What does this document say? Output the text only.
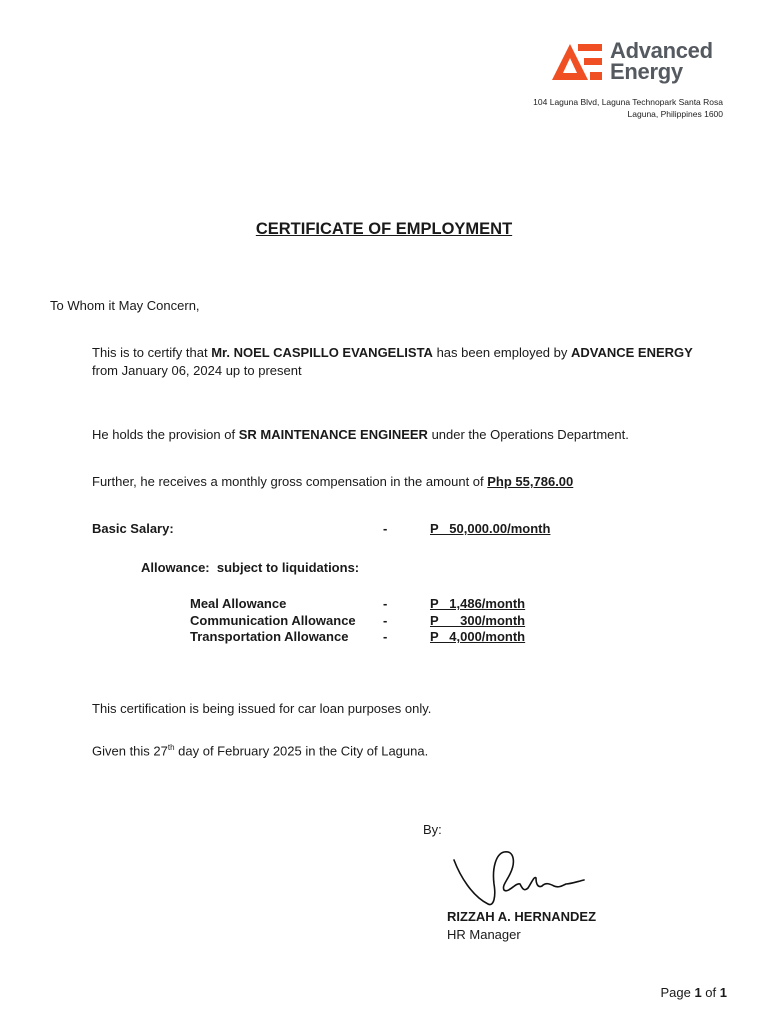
Advanced
Energy
104 Laguna Blvd, Laguna Technopark Santa Rosa
Laguna, Philippines 1600
CERTIFICATE OF EMPLOYMENT
To Whom it May Concern,
This is to certify that Mr. NOEL CASPILLO EVANGELISTA has been employed by ADVANCE ENERGY
from January 06, 2024 up to present
He holds the provision of SR MAINTENANCE ENGINEER under the Operations Department.
Further, he receives a monthly gross compensation in the amount of Php 55,786.00
Basic Salary:	-	P   50,000.00/month
Allowance:  subject to liquidations:
Meal Allowance	-	P   1,486/month
Communication Allowance -	P      300/month
Transportation Allowance	-	P   4,000/month
This certification is being issued for car loan purposes only.
Given this 27th day of February 2025 in the City of Laguna.
By:
RIZZAH A. HERNANDEZ
HR Manager
Page 1 of 1
